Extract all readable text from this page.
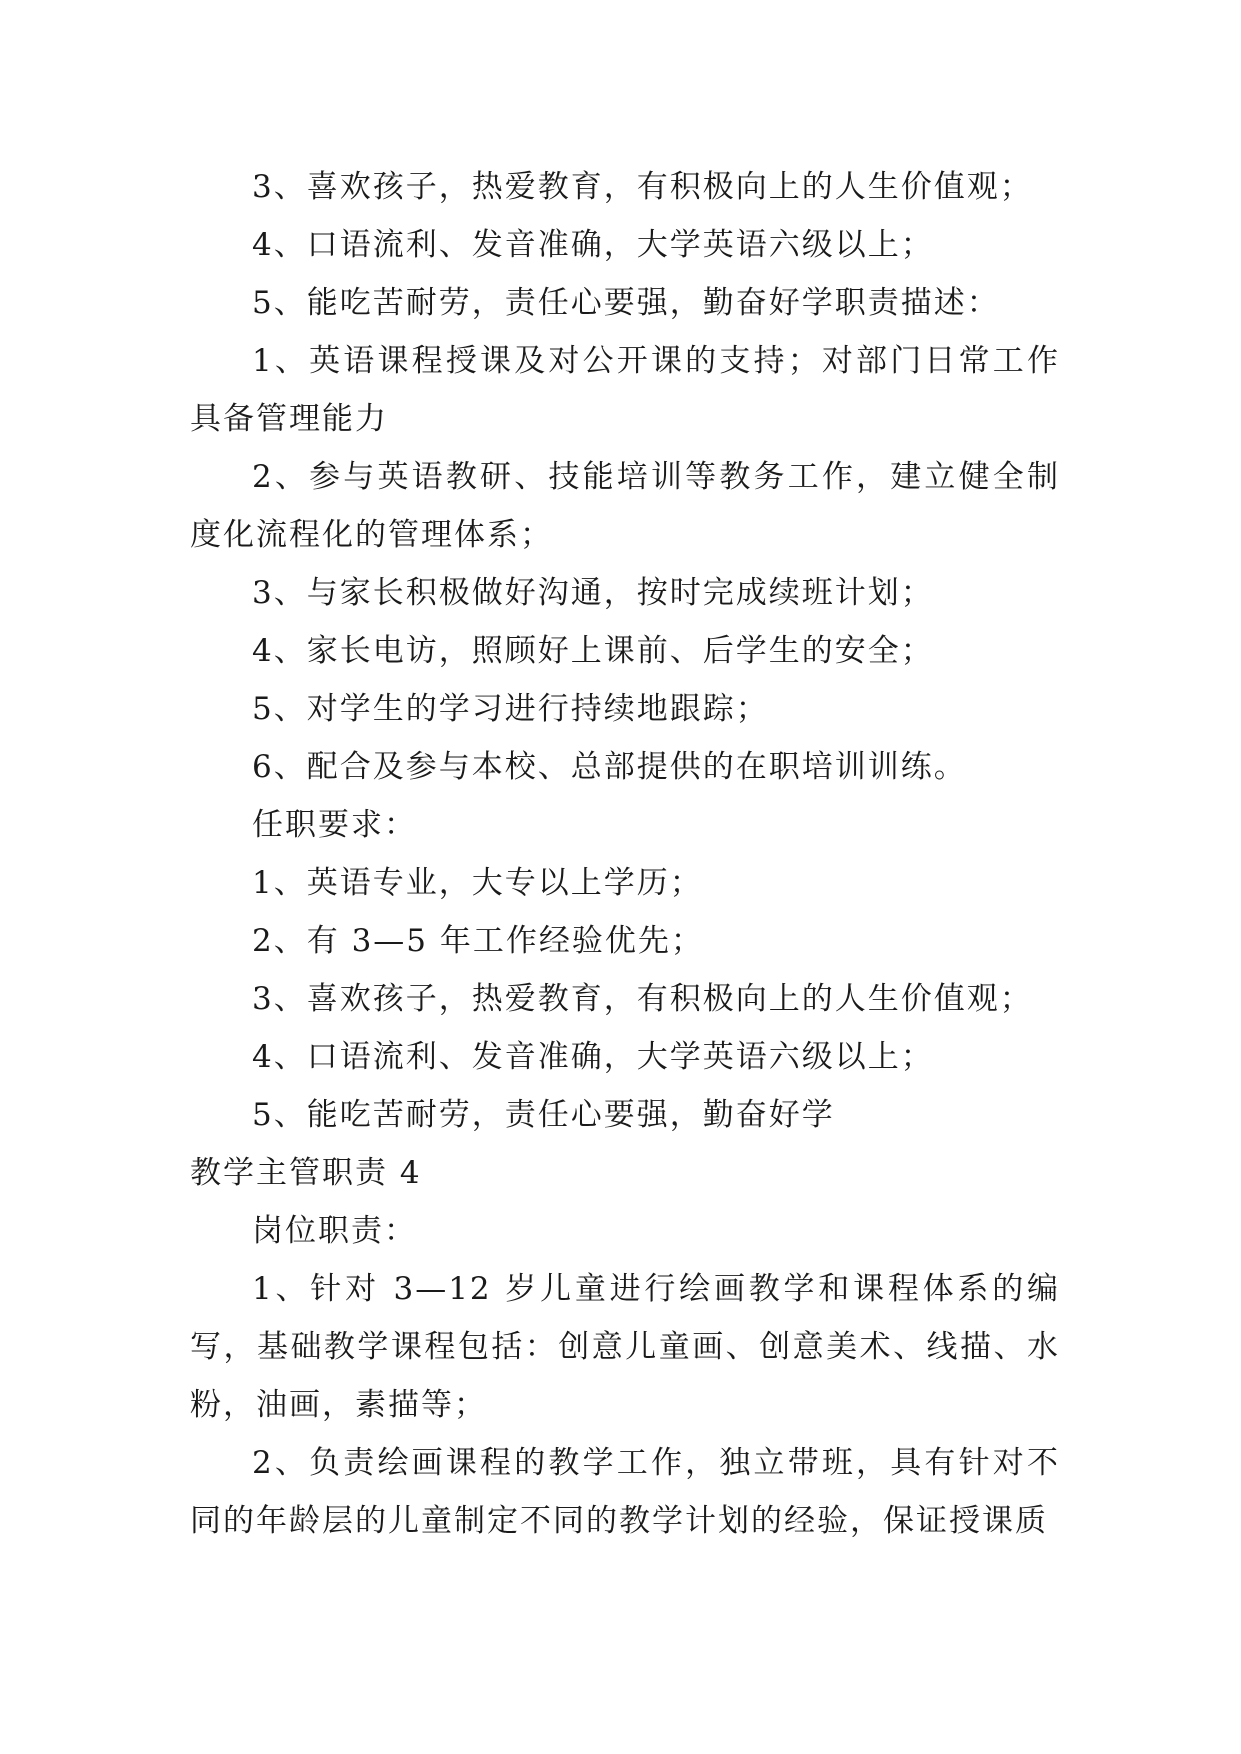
3、喜欢孩子，热爱教育，有积极向上的人生价值观；

4、口语流利、发音准确，大学英语六级以上；

5、能吃苦耐劳，责任心要强，勤奋好学职责描述：

1、英语课程授课及对公开课的支持；对部门日常工作具备管理能力

2、参与英语教研、技能培训等教务工作，建立健全制度化流程化的管理体系；

3、与家长积极做好沟通，按时完成续班计划；

4、家长电访，照顾好上课前、后学生的安全；

5、对学生的学习进行持续地跟踪；

6、配合及参与本校、总部提供的在职培训训练。

任职要求：

1、英语专业，大专以上学历；

2、有 3—5 年工作经验优先；

3、喜欢孩子，热爱教育，有积极向上的人生价值观；

4、口语流利、发音准确，大学英语六级以上；

5、能吃苦耐劳，责任心要强，勤奋好学

教学主管职责 4

岗位职责：

1、针对 3—12 岁儿童进行绘画教学和课程体系的编写，基础教学课程包括：创意儿童画、创意美术、线描、水粉，油画，素描等；

2、负责绘画课程的教学工作，独立带班，具有针对不同的年龄层的儿童制定不同的教学计划的经验，保证授课质
